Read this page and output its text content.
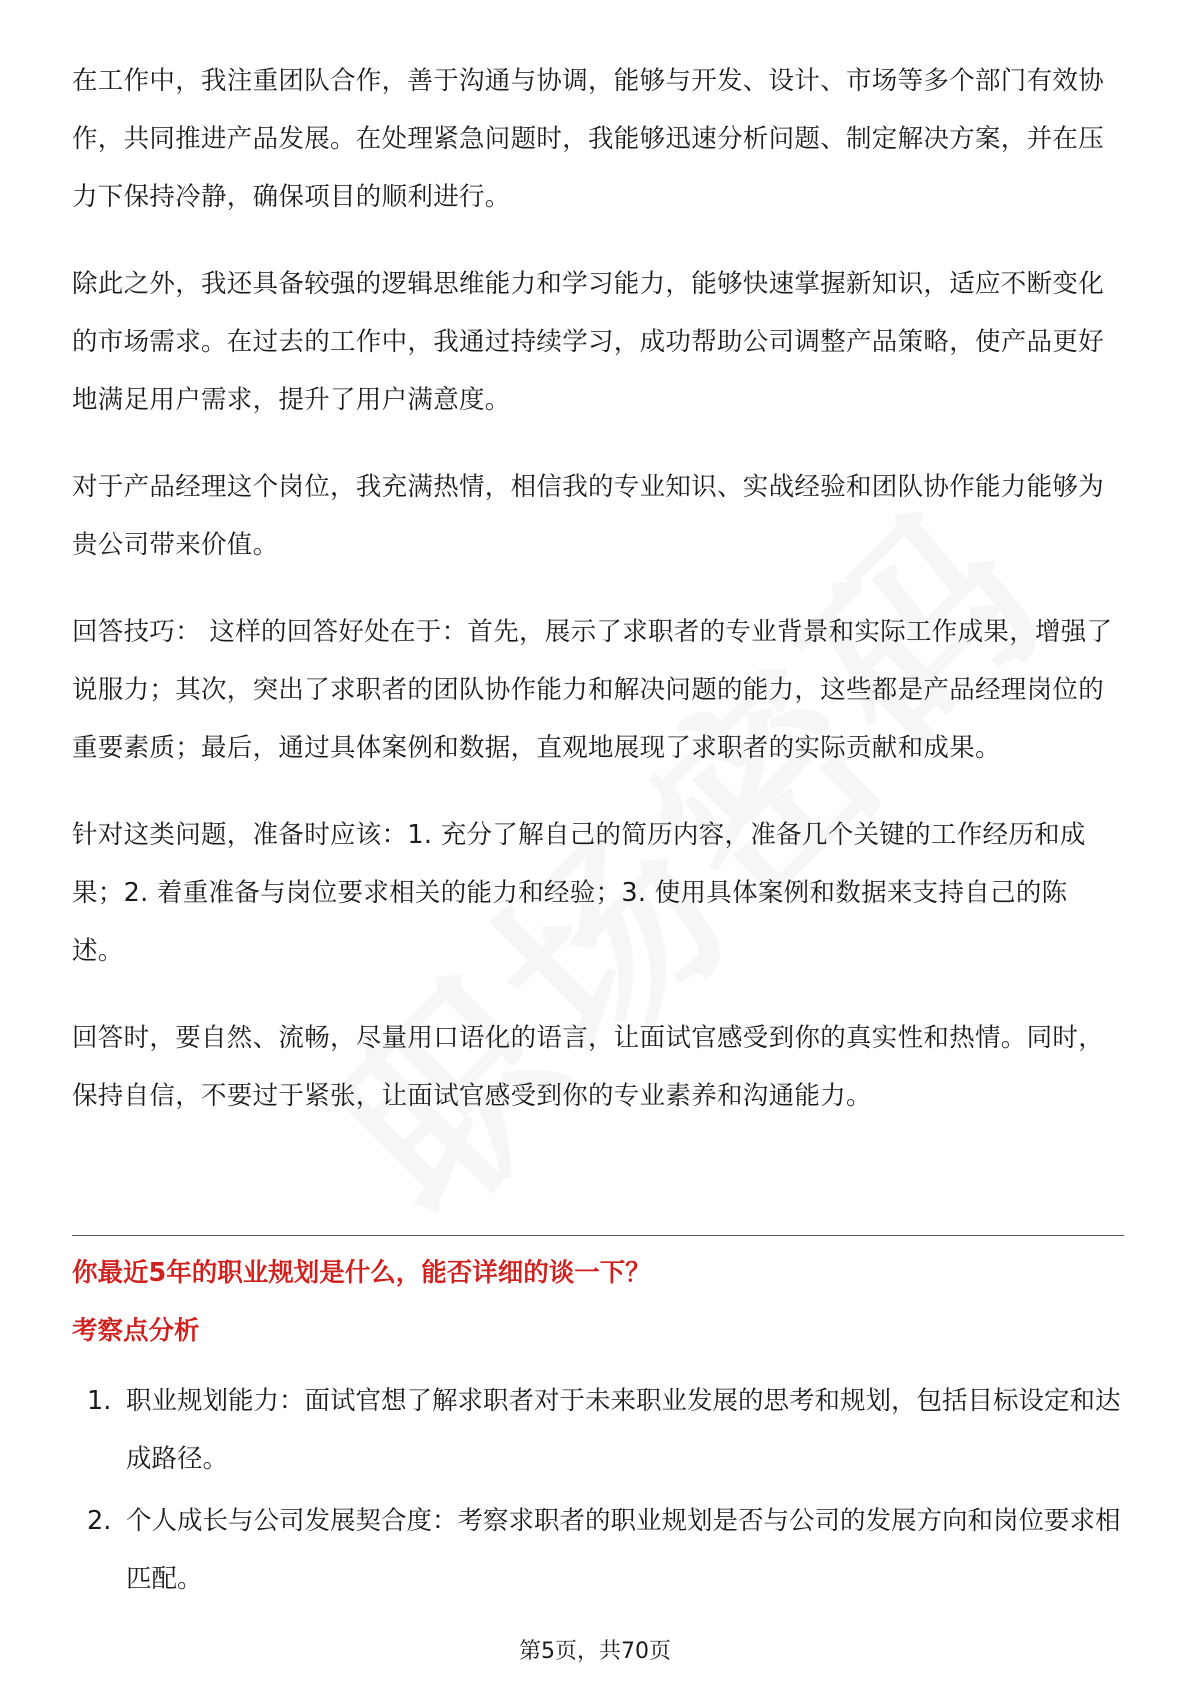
在工作中，我注重团队合作，善于沟通与协调，能够与开发、设计、市场等多个部门有效协作，共同推进产品发展。在处理紧急问题时，我能够迅速分析问题、制定解决方案，并在压力下保持冷静，确保项目的顺利进行。

除此之外，我还具备较强的逻辑思维能力和学习能力，能够快速掌握新知识，适应不断变化的市场需求。在过去的工作中，我通过持续学习，成功帮助公司调整产品策略，使产品更好地满足用户需求，提升了用户满意度。

对于产品经理这个岗位，我充满热情，相信我的专业知识、实战经验和团队协作能力能够为贵公司带来价值。

回答技巧： 这样的回答好处在于：首先，展示了求职者的专业背景和实际工作成果，增强了说服力；其次，突出了求职者的团队协作能力和解决问题的能力，这些都是产品经理岗位的重要素质；最后，通过具体案例和数据，直观地展现了求职者的实际贡献和成果。

针对这类问题，准备时应该：1. 充分了解自己的简历内容，准备几个关键的工作经历和成果；2. 着重准备与岗位要求相关的能力和经验；3. 使用具体案例和数据来支持自己的陈述。

回答时，要自然、流畅，尽量用口语化的语言，让面试官感受到你的真实性和热情。同时，保持自信，不要过于紧张，让面试官感受到你的专业素养和沟通能力。

你最近5年的职业规划是什么，能否详细的谈一下？

考察点分析

1. 职业规划能力：面试官想了解求职者对于未来职业发展的思考和规划，包括目标设定和达成路径。
2. 个人成长与公司发展契合度：考察求职者的职业规划是否与公司的发展方向和岗位要求相匹配。
第5页，共70页
